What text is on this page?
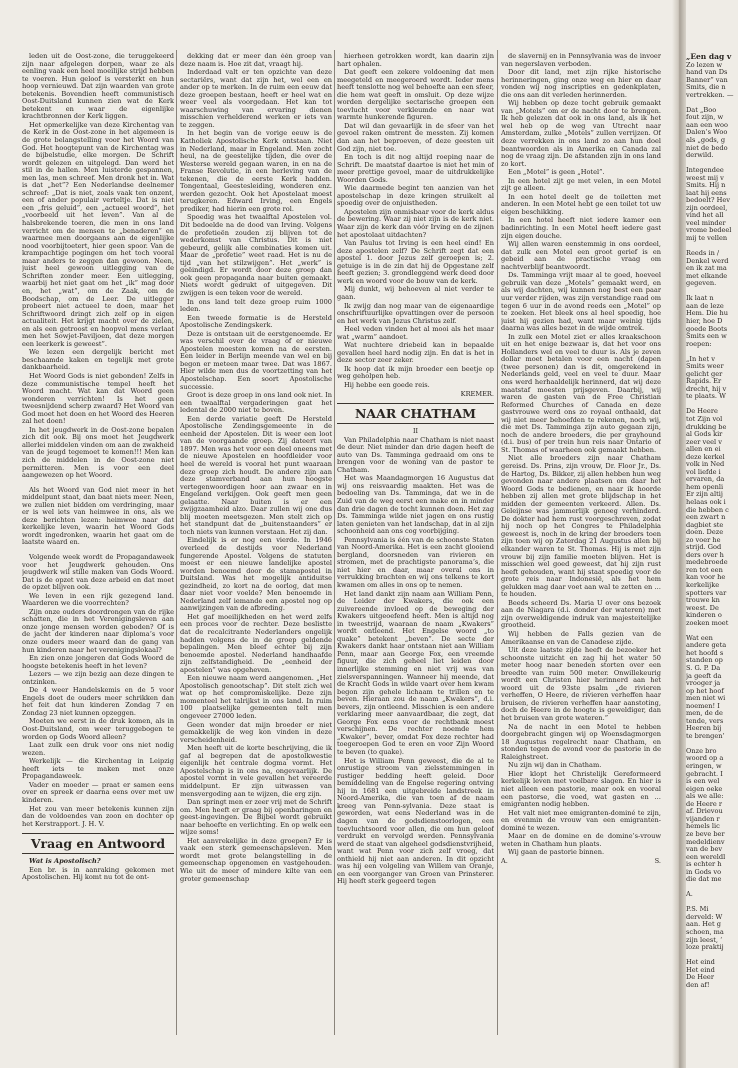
leden uit de Oost-zone, die teruggekeerd zijn naar afgelegen dorpen, waar ze als eenling vaak een heel moeilijke strijd hebben te voeren. Hun geloof is versterkt en hun hoop vernieuwd. Dat zijn waarden van grote betekenis. Bovendien heeft communistisch Oost-Duitsland kunnen zien wat de Kerk betekent en waar de eigenlijke krachtbronnen der Kerk liggen.

Het opmerkelijke van deze Kirchentag van de Kerk in de Oost-zone in het algemeen is de grote belangstelling voor het Woord van God. Het hoogtepunt van de Kirchentag was de bijbelstudie, elke morgen. De Schrift wordt gelezen en uitgelegd. Dan werd het stil in de hallen. Men luisterde gespannen, men las, men schreef. Men dronk het in. Wat is dat „het”? Een Nederlandse deelnemer schreef: „Dat is niet, zoals vaak ten onzent, een of ander populair verteltje. Dat is niet een „fris geluid”, een „actueel woord”, het „voorbeeld uit het leven”. Van al de halsbrekende toeren, die men in ons land verricht om de mensen te „benaderen” en waarmee men doorgaans aan de eigenlijke nood voorbijtoetert, hier geen spoor. Van de krampachtige pogingen om het toch vooral maar anders te zeggen dan gewoon. Neen, juist heel gewoon uitlegging van de Schriften zonder meer. Een uitlegging, waarbij het niet gaat om het „ik” mag door en, het „wat”, om de Zaak, om de Boodschap, om de Leer. De uitlegger probeert niet actueel te doen, maar het Schriftwoord dringt zich zelf op in eigen actualiteit. Het krijgt macht over de zielen, en als een getroost en hoopvol mens verlaat men het Sowjet-Paviljoen, dat deze morgen een leerkerk is geweest”.

We lezen een dergelijk bericht met beschaamde kaken en tegelijk met grote dankbaarheid.

Het Woord Gods is niet gebonden! Zelfs in deze communistische tempel heeft het Woord macht. Wat kan dat Woord geen wonderen verrichten! Is het geen tweesnijdend scherp zwaard? Het Woord van God moet het doen en het Woord des Heeren zal het doen!

In het jeugdwerk in de Oost-zone bepalen zich dit ook. Bij ons moet het Jeugdwerk allerlei middelen vinden om aan de zwakheid van de jeugd tegemoet te komen!!! Men kan zich de middelen in de Oost-zone niet permitteren. Men is voor een deel aangewezen op het Woord.

Als het Woord van God niet meer in het middelpunt staat, dan baat niets meer. Neen, we zullen niet bidden om verdringing, maar er is wel iets van heimwee in ons, als we deze berichten lezen: heimwee naar dat kerkelijke leven, waarin het Woord Gods wordt ingedronken, waarin het gaat om de laatste waard en.

Volgende week wordt de Propagandaweek voor het Jeugdwerk gehouden. Ons jeugdwerk wil stille maken van Gods Woord. Dat is de opzet van deze arbeid en dat moet de opzet blijven ook.

We leven in een rijk gezegend land. Waarderen we die voorrechten?

Zijn onze ouders doordrongen van de rijke schatten, die in het Verenigingsleven aan onze jonge mensen worden geboden? Of is de jacht der kinderen naar diploma’s voor onze ouders meer waard dan de gang van hun kinderen naar het verenigingslokaal?

En zien onze jongeren dat Gods Woord de hoogste betekenis heeft in het leven?

Lezers — we zijn bezig aan deze dingen te ontzinken.

De 4 weer Handelskemis en de 5 voor Engels doet de ouders meer schrikken dan het feit dat hun kinderen Zondag 7 en Zondag 23 niet kunnen opzeggen.

Moeten we eerst in de druk komen, als in Oost-Duitsland, om weer teruggebogen te worden op Gods Woord alleen?

Laat zulk een druk voor ons niet nodig wezen.

Werkelijk — die Kirchentag in Leipzig heeft iets te maken met onze Propagandaweek.

Vader en moeder — praat er samen eens over en spreek er daarna eens over met uw kinderen.

Het zou van meer betekenis kunnen zijn dan de voldoendes van zoon en dochter op het Kerstrapport. J. H. V.

Vraag en Antwoord

Wat is Apostolisch?

Een br. is in aanraking gekomen met Apostolischen. Hij komt nu tot de ont-

dekking dat er meer dan één groep van deze naam is. Hoe zit dat, vraagt hij.

Inderdaad valt er ten opzichte van deze sectariërs, want dat zijn het, wel een en ander op te merken. In de ruim een eeuw dat deze groepen bestaan, heeft er heel wat en weer veel als voorgedaan. Het kan tot waarschuwing van ervaring dienen misschien verhelderend werken er iets van te zeggen.

In het begin van de vorige eeuw is de Katholiek Apostolische Kerk ontstaan. Niet in Nederland, maar in Engeland. Men zocht heul, na de geestelijke tijden, die over de Westerse wereld gegaan waren, in en na de Franse Revolutie, in een herleving van de tekenen, die de eerste Kerk hadden. Tongentaal, Geestesleiding, wonderen enz. werden gezocht. Ook het Apostelaat moest terugkeren. Edward Irving, een Engels prediker, had hierin een grote rol.

Spoedig was het twaalftal Apostelen vol. Dit bedoelde na de dood van Irving. Volgens de profetieën zouden zij blijven tot de wederkomst van Christus. Dit is niet gebeurd, gelijk alle combinaties komen uit. Maar de „profetie” weet raad. Het is nu de tijd „van het stilzwijgen”. Het „werk” is geëindigd. Er wordt door deze groep dan ook geen propaganda naar buiten gemaakt. Niets wordt gedrukt of uitgegeven. Dit zwijgen is een teken voor de wereld.

In ons land telt deze groep ruim 1000 leden.

Een tweede formatie is de Hersteld Apostolische Zendingskerk.

Deze is ontstaan uit de eerstgenoemde. Er was verschil over de vraag of er nieuwe Apostelen moesten komen na de eersten. Een leider in Berlijn meende van wel en bij begon er meteen maar twee. Dat was 1867. Hier wilde men dus de voortzetting van het Apostelschap. Een soort Apostolische successie.

Groot is deze groep in ons land ook niet. In een twaalftal vergaderingen gaat het ledental de 2000 niet te boven.

Een derde variatie geeft De Hersteld Apostolische Zendingsgemeente in de eenheid der Apostelen. Dit is weer een loot van de voorgaande groep. Zij dateert van 1897. Men was het voor een deel oneens met de nieuwe Apostelen en hoofdleider voor heel de wereld is vooral het punt waaraan deze groep zich houdt. De andere zijn aan deze stamverband aan hun hoogste vertegenwoordigen hoor aan zwaar en in Engeland verkijgen. Ook geeft men geen gelaatte. Naar buiten is er een zwijgzaamheid alzo. Daar zullen wij one dus blij moeten meetsgezen. Men stelt zich op het standpunt dat de „buitenstaanders” er toch niets van kunnen verstaan. Het zij dan.

Eindelijk is er nog een vierde. In 1946 overleed de destijds voor Nederland fungerende Apostel. Volgens de statuten moest er een nieuwe landelijke apostel worden benoemd door de stamapostel in Duitsland. Was het mogelijk antiduitse gezindheid, zo kort na de oorlog, dat men daar niet voor voelde? Men benoemde in Nederland zelf iemande een apostel nog op aanwijzingen van de afbreding.

Het gaf moeilijkheden en het werd zelfs een proces voor de rechter. Deze beslistte dat de recalcitrante Nederlanders ongelijk hadden volgens de in de groep geldende bepalingen. Men bleef echter bij zijn benoemde apostel. Nederland handhaafde zijn zelfstandigheid. De „eenheid der apostelen” was opgeheven.

Een nieuwe naam werd aangenomen. „Het Apostolisch genootschap”. Dit stelt zich wel wat op het compromiskelijke. Deze zijn momenteel het talrijkst in ons land. In ruim 100 plaatselijke gemeenten telt men ongeveer 27000 leden.

Geen wonder dat mijn broeder er niet gemakkelijk de weg kon vinden in deze verscheidenheid.

Men heeft uit de korte beschrijving, die ik gaf al begrepen dat de apostolkwestie eigenlijk het centrale dogma vormt. Het Apostelschap is in ons na, ongevaarlijk. De apostel vormt in vele gevallen het vereerde middelpunt. Er zijn uitwassen van mensvergoding aan te wijzen, die erg zijn.

Dan springt men er zeer vrij met de Schrift om. Men heeft er graag bij openbaringen en geest-ingevingen. De Bijbel wordt gebruikt naar behoefte en verlichting. En op welk een wijze soms!

Het aanvrekelijke in deze groepen? Er is vaak een sterk gemeenschapsleven. Men wordt met grote belangstelling in de gemeenschap opgenomen en vastgehouden. Wie uit de meer of mindere kilte van een groter gemeenschap

hierheen getrokken wordt, kan daarin zijn hart ophalen.

Dat geeft een zekere voldoening dat men meegeteld en meegeroerd wordt. Ieder mens heeft tenslotte nog wel behoefte aan een sfeer, die hem wat geeft in omsluit. Op deze wijze worden dergelijke sectarische groepen een toevlucht voor verkleumde en naar wat warmte hunkerende figuren.

Dat wil dan gevaarlijk in de sfeer van het gevoel raken omtrent de messten. Zij komen dan aan het beproeven, of deze geesten uit God zijn, niet toe.

En toch is dit nog altijd roeping naar de Schrift. De maatstaf daartoe is niet het min of meer prettige gevoel, maar de uitdrukkelijke Woorden Gods.

Wie daarmede begint ten aanzien van het apostelschap in deze kringen struikelt al spoedig over de onjuistheden.

Apostelen zijn onmisbaar voor de kerk aldus de bewering. Waar zij niet zijn is de kerk niet. Waar zijn de kerk dan vóór Irving en de zijnen het apostolaat uitdachten?

Van Paulus tot Irving is een heel eind! En deze apostelen zelf? De Schrift zegt dat een apostel 1. door Jezus zelf geroepen is; 2. getuige is in de zin dat hij de Opgestane zelf heeft gezien; 3. grondleggend werk deed door werk en woord voor de bouw van de kerk.

Mij dunkt, wij behoeven al niet verder te gaan.

Ik zwijg dan nog maar van de eigenaardige onschriftuurlijke opvattingen over de persoon en het werk van Jezus Christus zelf.

Heel veden vinden het al mooi als het maar wat „warm” aandoet.

Wat nuchtere driebeid kan in bepaalde gevallen heel hard nodig zijn. En dat is het in deze sector zeer zeker.

Ik hoop dat ik mijn broeder een beetje op weg geholpen heb.

Hij hebbe een goede reis.

KREMER.

NAAR CHATHAM

II

Van Philadelphia naar Chatham is niet naast de deur. Niet minder dan drie dagen heeft de auto van Ds. Tamminga gedraaid om ons te brengen voor de woning van de pastor te Chatham.

Het was Maandagmorgen 16 Augustus dat wij ons reisvaardig maakten. Het was de bedoeling van Ds. Tamminga, dat we in de Zuid van de weg eerst een make en in minder dan drie dagen de tocht kunnen doen. Het zag Ds. Tamminga wilde niet jagen en ons rustig laten genieten van het landschap, dat in al zijn schoonheid aan ons cog voorbijging.

Pennsylvania is één van de schoonste Staten van Noord-Amerika. Het is een zacht glooiend bergland, doorsneden van rivieren en stromen, met de prachtigste panorama’s, die niet hier en daar, maar overal ons in verrukking brachten en wij ons telkens te kort kwamen om alles in ons op te nemen.

Het land dankt zijn naam aan William Penn, de Leider der Kwakers, die ook een zuivereende invloed op de beweging der Kwakers uitgeoefend heeft. Men is altijd nog in tweestrijd, waaraan de naam „Kwakers” wordt ontleend. Het Engelse woord „to quake” betekent „beven”. De secte der Kwakers dankt haar ontstaan niet aan William Penn, maar aan George Fox, een vreemde figuur, die zich geheel liet leiden door innerlijke stemming en niet vrij was van zielsverspanningen. Wanneer hij meende, dat de Kracht Gods in wilde vaart over hem kwam begon zijn gehele lichaam te trillen en te beven. Hieraan zou de naam „Kwakers”, d.i. bevers, zijn ontleend. Misschien is een andere verklaring meer aanvaardbaar, die zegt, dat George Fox eens voor de rechtbank moest verschijnen. De rechter noemde hem „Kwaker”, bever, omdat Fox deze rechter had toegeroepen God te eren en voor Zijn Woord te beven (to quake).

Het is William Penn geweest, die de al te onrustige stroom van zielsstemmingen in rustiger bedding heeft geleid. Door bemiddeling van de Engelse regering ontving hij in 1681 een uitgebreide landstreek in Noord-Amerika, die van toen af de naam kreeg van Penn-sylvania. Deze staat is geworden, wat eens Nederland was in de dagen van de godsdienstoorlogen, een toevluchtsoord voor allen, die om hun geloof verdrukt en vervolgd werden. Pennsylvania werd de staat van algeheel godsdienstvrijheid, want wat Penn voor zich zelf vroeg, dat onthield hij niet aan anderen. In dit opzicht was hij een volgeling van Willem van Oranje, en een voorganger van Groen van Prinsterer. Hij heeft sterk gegeerd tegen

de slavernij en in Pennsylvania was de invoer van negerslaven verboden.

Door dit land, met zijn rijke historische herinneringen, ging onze weg en hier en daar vonden wij nog inscripties en gedenkplaten, die ons aan dit verleden herinnerden.

Wij hebben op deze tocht gebruik gemaakt van „Motels” om er de nacht door te brengen. Ik heb gelezen dat ook in ons land, als ik het wel heb op de weg van Utrecht naar Amsterdam, zulke „Motels” zullen verrijzen. Of deze verrekken in ons land zo aan hun doel beantwoorden als in Amerika en Canada zal nog de vraag zijn. De afstanden zijn in ons land zo kort.

Een „Motel” is geen „Hotel”.

In een hotel zijt ge met velen, in een Motel zijt ge alleen.

In een hotel deelt ge de toiletten met anderen. In een Motel hebt ge een toilet tot uw eigen beschikking.

In een hotel heeft niet iedere kamer een badinrichting. In een Motel heeft iedere gast zijn eigen douche.

Wij allen waren eenstemmig in ons oordeel, dat zulk een Motel een groot gerief is en gebeid aan de practische vraag om nachtverblijf beantwoordt.

Ds. Tamminga vrijt maar al te goed, hoeveel gebruik van deze „Motels” gemaakt werd, en als wij dachten, wij kunnen nog best een paar uur verder rijden, was zijn verstandige raad om tegen 6 uur in de avond reeds een „Motel” op te zoeken. Het bleek ons al heel spoedig, hoe juist hij gezien had, want maar weinig tijds daarna was alles bezet in de wijde omtrek.

In zulk een Motel ziet er alles kraakschoon uit en het enige bezwaar is, dat het voor ons Hollanders wel en veel te duur is. Als je zeven dollar moet betalen voor een nacht (dapen (twee personen) dan is dit, omgerekend in Nederlands geld, veel en veel te duur. Maar ons werd herhaaldelijk herinnerd, dat wij deze maatstaf moesten prijsgeven. Daarbij, wij waren de gasten van de Free Christian Reformed Churches of Canada en deze gastvrouwe werd ons zo royaal onthaald, dat wij niet meer behoefden te rekenen, noch wij, die met Ds. Tamminga zijn auto gegaan zijn, noch de andere broeders, die per grayhound (d.i. bus) of per trein hun reis naar Ontario of St. Thomas of waarheen ook gemaakt hebben.

Niet alle broeders zijn naar Chatham gereisd. Ds. Prins, zijn vrouw, Dr. Floor Jr., Ds. de Hartog, Ds. Bikker, zij allen hebben hun weg gevonden naar andere plaatsen om daar het Woord Gods te bedienen, en naar ik hoorde hebben zij allen met grote blijdschap in het midden der gemeenten verkeerd. Allen. Ds. Geleijnse was jammerlijk genoeg verhinderd. De dokter had hem rust voorgeschreven, zodat hij noch op het Congres te Philadelphia geweest is, noch in de kring der broeders toen zijn toen wij op Zaterdag 21 Augustus allen bij elkander waren te St. Thomas. Hij is met zijn vrouw bij zijn familie moeten blijven. Het is misschien wel goed geweest, dat hij zijn rust heeft gehouden, want hij staat spoedig voor de grote reis naar Indonesië, als het hem gelukken mag daar voet aan wal te zetten en … te houden.

Beeds scheerd Ds. Maria U over ons bezoek aan de Niagara (d.i. donder der wateren) met zijn overweldigende indruk van majesteitelijke grootheid.

Wij hebben de Falls gezien van de Amerikaanse en van de Canadese zijde.

Uit deze laatste zijde heeft de bezoeker het schoonste uitzicht en zag hij het water 50 meter hoog naar beneden storten over een breedte van ruim 500 meter. Onwillekeurig wordt een Christen hier herinnerd aan het woord uit de 93ste psalm „de rivieren verheffen, O Heere, de rivieren verheffen haar bruisen, de rivieren verheffen haar aanstoting, doch de Heere in de hoogte is geweldiger, dan het bruisen van grote wateren.”

Na de nacht in een Motel te hebben doorgebracht gingen wij op Woensdagmorgen 18 Augustus regelrecht naar Chatham, en stonden tegen de avond voor de pastorie in de Raleighstreet.

Nu zijn wij dan in Chatham.

Hier klopt het Christelijk Gereformeerd kerkelijk leven met voelbare slagen. En hier is niet alleen een pastorie, maar ook en vooral een pastorse, die voed, wat gasten en … emigranten nodig hebben.

Het valt niet mee emigranten-dominé te zijn, en evenmin de vrouw van een emigranten-dominé te wezen.

Maar en de domine en de domine’s-vrouw weten in Chatham hun plaats.

Wij gaan de pastorie binnen.

A.	S.

„Een dag v

Zo lezen w

hand van Ds

Banner” van

Smits, die n

vertrekken. —

Dat „Boo

fout zijn, w

aan een woo

Dalen’s Woo

als „gods, g

niet de bedo

derwild.

Integendee

weest mij v

Smits. Hij n

laat hij eens

bedoelt? Hev

zijn oordeel,

vind het all

veel minder

vrome bedeel

mij te vellen

Reeds in /

Denkel werd

en ik zat ma

met elkande

gegeven.

Ik laat n

aan de leze

Hem. Die hu

hier, hoe D

goede Boots

Smits een w

roepen:

„In het v

Smits weer

gelicht ger

Rapids. Er

drecht, hij v

te plaats. W

De Heere

tot Zijn vol

drukking be

al Gods kir

zeer veel v

allen en ei

deze kerkel

volk in Ned

vol liefde i

ervaren, da

hem openli

Er zijn altij

helaas ook i

die hebben c

een zwart n

dagbiet ste

doen. Deze

zo voer he

strijd. God

ders over h

medebroede

ren tot een

kan voor he

kerkelijke

spotters var

trouwe kn

weest. De

kinderen o

zoeken moet

Wat een

andere geta

het hoofd s

standen op

S. G. P. Da

ja geeft da

vrooger ja

op het hoof

men niet wi

noemen! I

men, de de

tende, vers

Heeren bij

te brengen’

Onze bro

woord op a

eringen, w

gebracht. I

is een wel

eigen oeke

als we alle:

de Heere r

af. Drievou

vijanden r

hemels lic

ze beve ber

medeldienv

van de bev

een wereldl

is echter h

in Gods vo

die dat me

A.

P.S. Mi

derveld: W

aan. Het g

schoen, ma

zijn leest, ‘

loze praktij

Het eind

Het eind

De Heer

den af!
